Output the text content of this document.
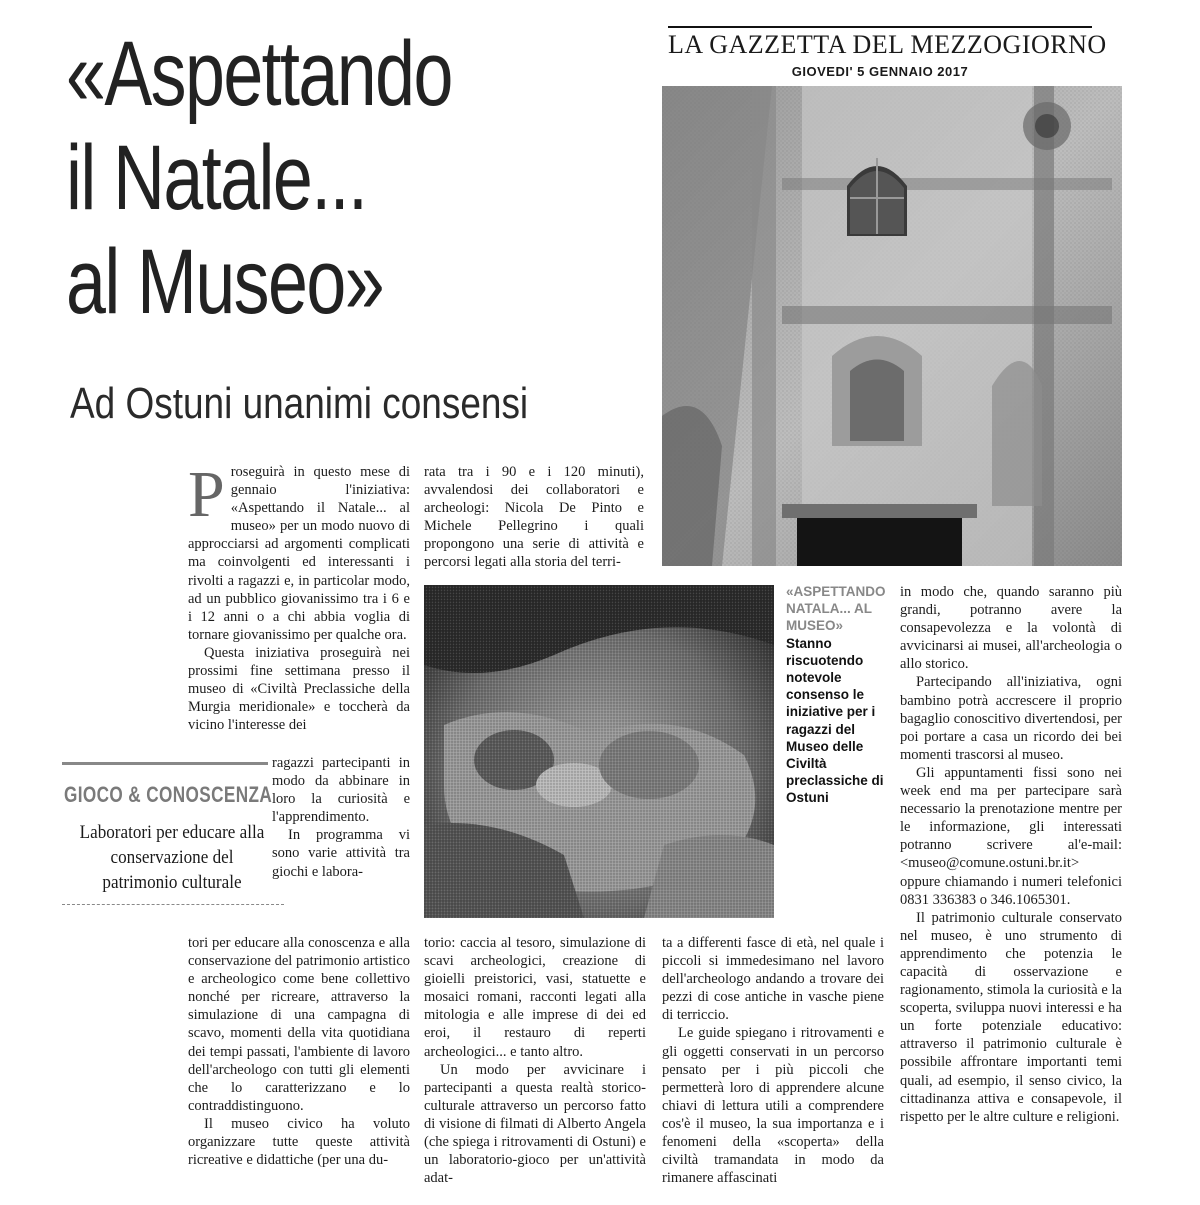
«Aspettando
il Natale...
al Museo»
Ad Ostuni unanimi consensi
LA GAZZETTA DEL MEZZOGIORNO
GIOVEDI' 5 GENNAIO 2017
«ASPETTANDO NATALA... AL MUSEO»
Stanno riscuotendo notevole consenso le iniziative per i ragazzi del Museo delle Civiltà preclassiche di Ostuni
GIOCO & CONOSCENZA
Laboratori per educare alla conservazione del patrimonio culturale
P roseguirà in questo mese di gennaio l'iniziativa: «Aspettando il Natale... al museo» per un modo nuovo di approcciarsi ad argomenti complicati ma coinvolgenti ed interessanti i rivolti a ragazzi e, in particolar modo, ad un pubblico giovanissimo tra i 6 e i 12 anni o a chi abbia voglia di tornare giovanissimo per qualche ora.

Questa iniziativa proseguirà nei prossimi fine settimana presso il museo di «Civiltà Preclassiche della Murgia meridionale» e toccherà da vicino l'interesse dei

ragazzi partecipanti in modo da abbinare in loro la curiosità e l'apprendimento.

In programma vi sono varie attività tra giochi e labora-

tori per educare alla conoscenza e alla conservazione del patrimonio artistico e archeologico come bene collettivo nonché per ricreare, attraverso la simulazione di una campagna di scavo, momenti della vita quotidiana dei tempi passati, l'ambiente di lavoro dell'archeologo con tutti gli elementi che lo caratterizzano e lo contraddistinguono.

Il museo civico ha voluto organizzare tutte queste attività ricreative e didattiche (per una du-

rata tra i 90 e i 120 minuti), avvalendosi dei collaboratori e archeologi: Nicola De Pinto e Michele Pellegrino i quali propongono una serie di attività e percorsi legati alla storia del terri-

torio: caccia al tesoro, simulazione di scavi archeologici, creazione di gioielli preistorici, vasi, statuette e mosaici romani, racconti legati alla mitologia e alle imprese di dei ed eroi, il restauro di reperti archeologici... e tanto altro.

Un modo per avvicinare i partecipanti a questa realtà storico-culturale attraverso un percorso fatto di visione di filmati di Alberto Angela (che spiega i ritrovamenti di Ostuni) e un laboratorio-gioco per un'attività adat-

ta a differenti fasce di età, nel quale i piccoli si immedesimano nel lavoro dell'archeologo andando a trovare dei pezzi di cose antiche in vasche piene di terriccio.

Le guide spiegano i ritrovamenti e gli oggetti conservati in un percorso pensato per i più piccoli che permetterà loro di apprendere alcune chiavi di lettura utili a comprendere cos'è il museo, la sua importanza e i fenomeni della «scoperta» della civiltà tramandata in modo da rimanere affascinati

in modo che, quando saranno più grandi, potranno avere la consapevolezza e la volontà di avvicinarsi ai musei, all'archeologia o allo storico.

Partecipando all'iniziativa, ogni bambino potrà accrescere il proprio bagaglio conoscitivo divertendosi, per poi portare a casa un ricordo dei bei momenti trascorsi al museo.

Gli appuntamenti fissi sono nei week end ma per partecipare sarà necessario la prenotazione mentre per le informazione, gli interessati potranno scrivere al'e-mail: <museo@comune.ostuni.br.it> oppure chiamando i numeri telefonici 0831 336383 o 346.1065301.

Il patrimonio culturale conservato nel museo, è uno strumento di apprendimento che potenzia le capacità di osservazione e ragionamento, stimola la curiosità e la scoperta, sviluppa nuovi interessi e ha un forte potenziale educativo: attraverso il patrimonio culturale è possibile affrontare importanti temi quali, ad esempio, il senso civico, la cittadinanza attiva e consapevole, il rispetto per le altre culture e religioni.
